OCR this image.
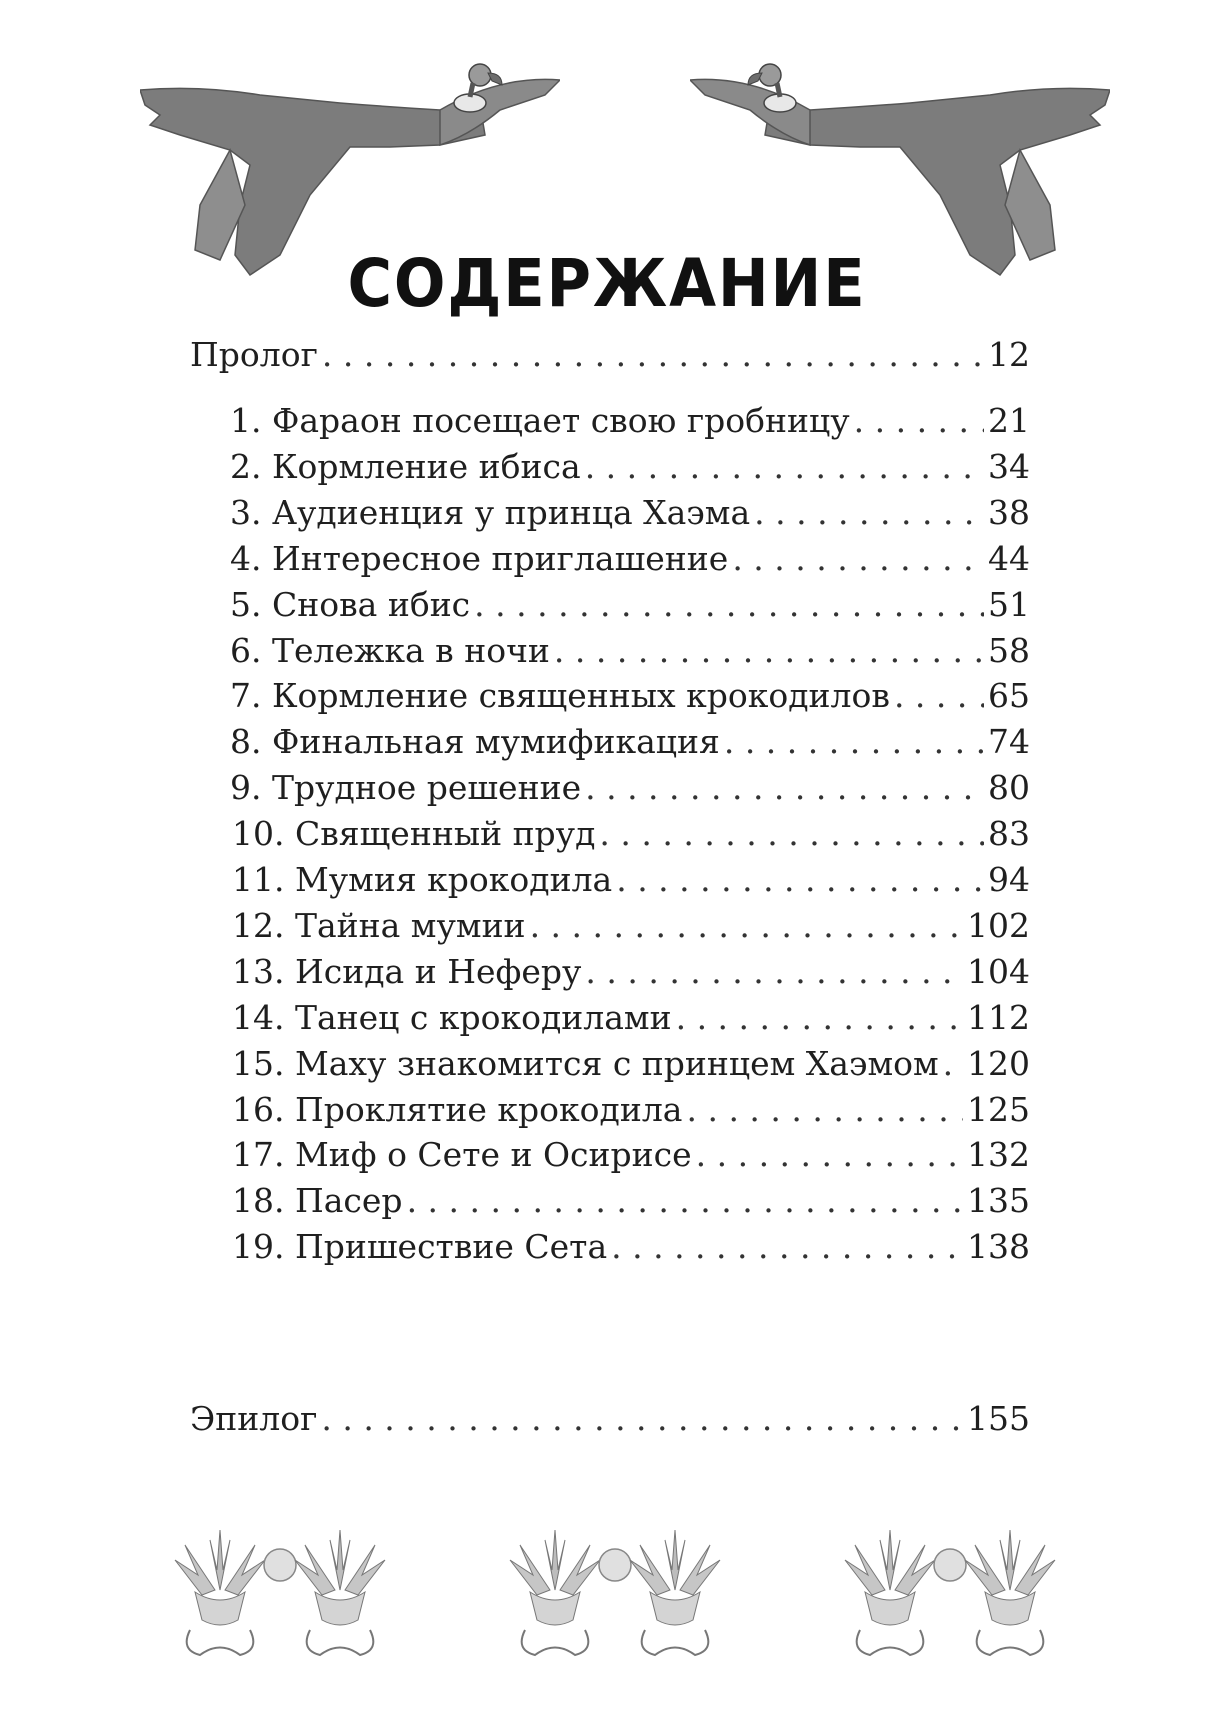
СОДЕРЖАНИЕ
Пролог . . .	12
1. Фараон посещает свою гробницу . . .	21
2. Кормление ибиса . . .	34
3. Аудиенция у принца Хаэма . . .	38
4. Интересное приглашение . . .	44
5. Снова ибис . . .	51
6. Тележка в ночи . . .	58
7. Кормление священных крокодилов . . .	65
8. Финальная мумификация . . .	74
9. Трудное решение . . .	80
10. Священный пруд . . .	83
11. Мумия крокодила . . .	94
12. Тайна мумии . . .	102
13. Исида и Неферу . . .	104
14. Танец с крокодилами . . .	112
15. Маху знакомится с принцем Хаэмом . . . 120
16. Проклятие крокодила . . .	125
17. Миф о Сете и Осирисе . . .	132
18. Пасер . . .	135
19. Пришествие Сета . . .	138
Эпилог . . .	155
